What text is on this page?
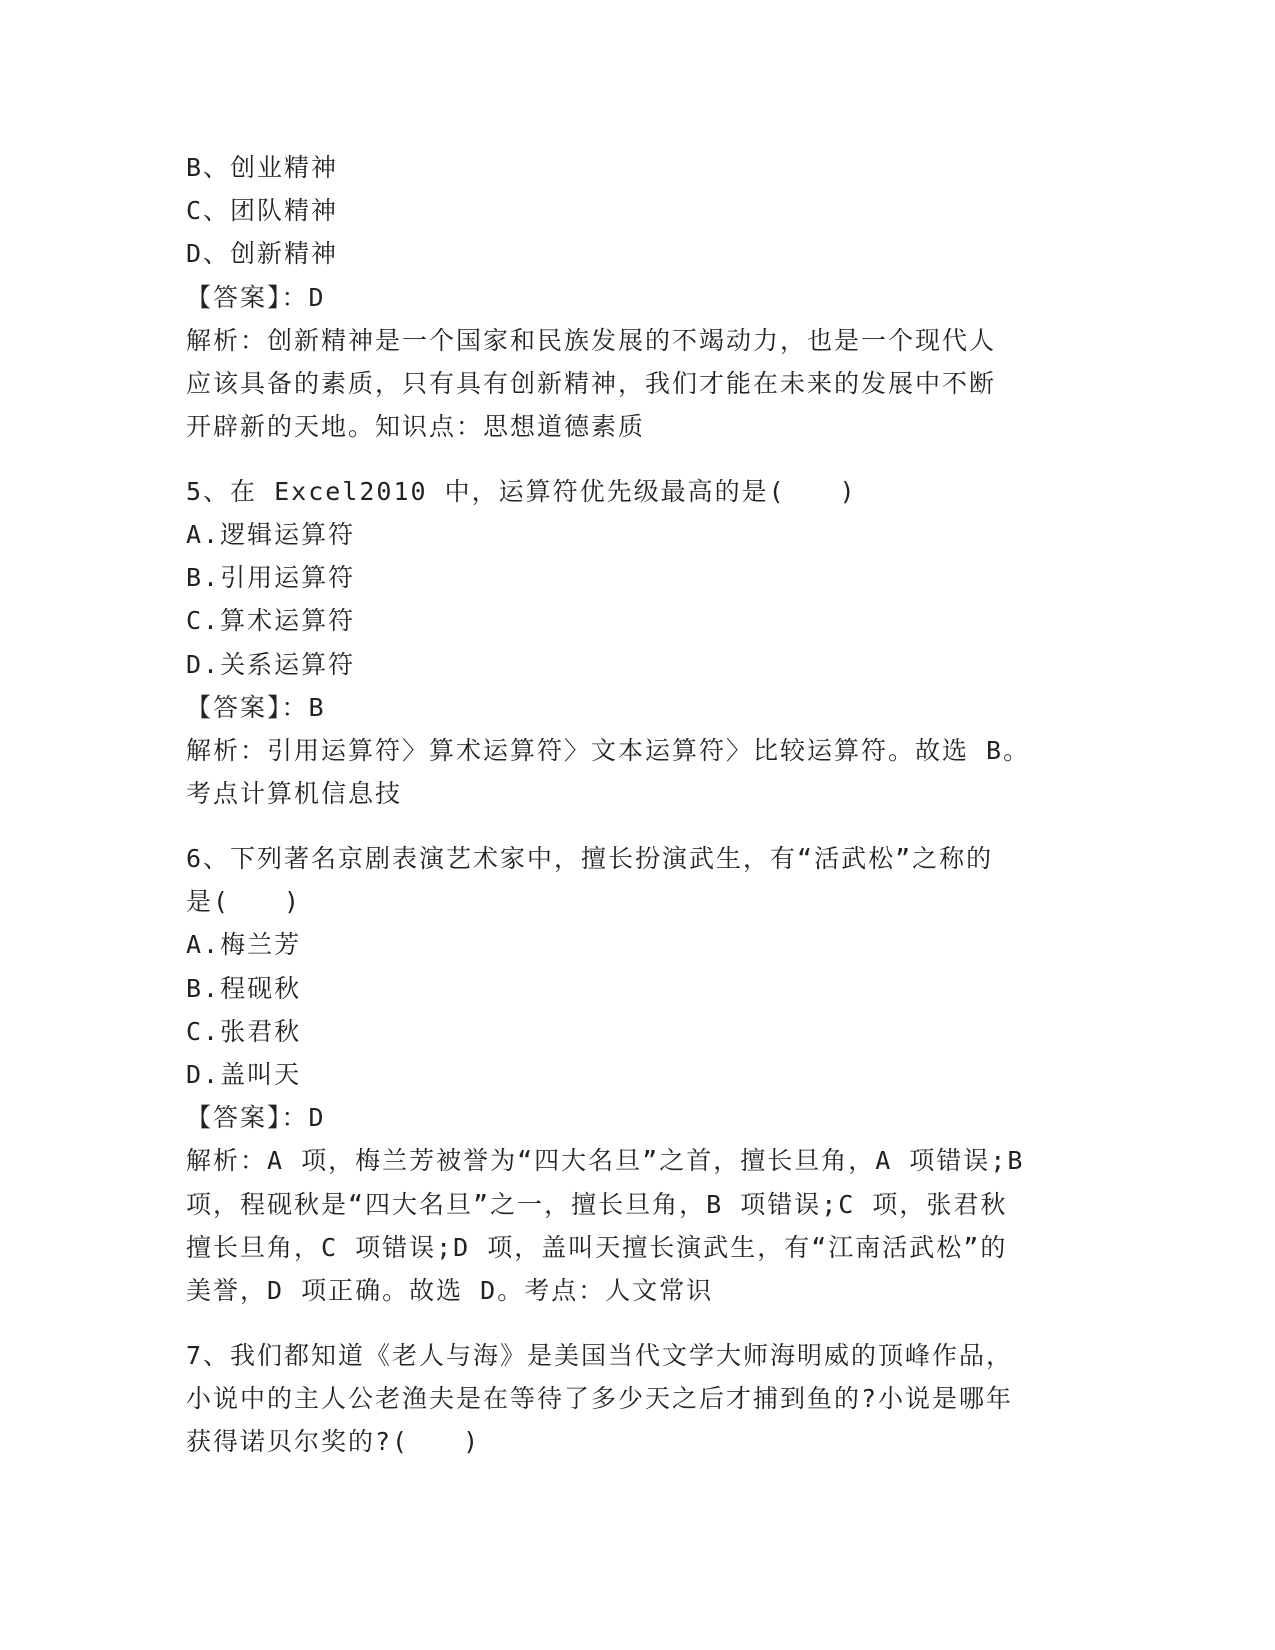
B、创业精神
C、团队精神
D、创新精神
【答案】：D
解析：创新精神是一个国家和民族发展的不竭动力，也是一个现代人
应该具备的素质，只有具有创新精神，我们才能在未来的发展中不断
开辟新的天地。知识点：思想道德素质
5、在 Excel2010 中，运算符优先级最高的是(　　)
A.逻辑运算符
B.引用运算符
C.算术运算符
D.关系运算符
【答案】：B
解析：引用运算符〉算术运算符〉文本运算符〉比较运算符。故选 B。
考点计算机信息技
6、下列著名京剧表演艺术家中，擅长扮演武生，有“活武松”之称的
是(　　)
A.梅兰芳
B.程砚秋
C.张君秋
D.盖叫天
【答案】：D
解析：A 项，梅兰芳被誉为“四大名旦”之首，擅长旦角，A 项错误;B
项，程砚秋是“四大名旦”之一，擅长旦角，B 项错误;C 项，张君秋
擅长旦角，C 项错误;D 项，盖叫天擅长演武生，有“江南活武松”的
美誉，D 项正确。故选 D。考点：人文常识
7、我们都知道《老人与海》是美国当代文学大师海明威的顶峰作品，
小说中的主人公老渔夫是在等待了多少天之后才捕到鱼的?小说是哪年
获得诺贝尔奖的?(　　)
